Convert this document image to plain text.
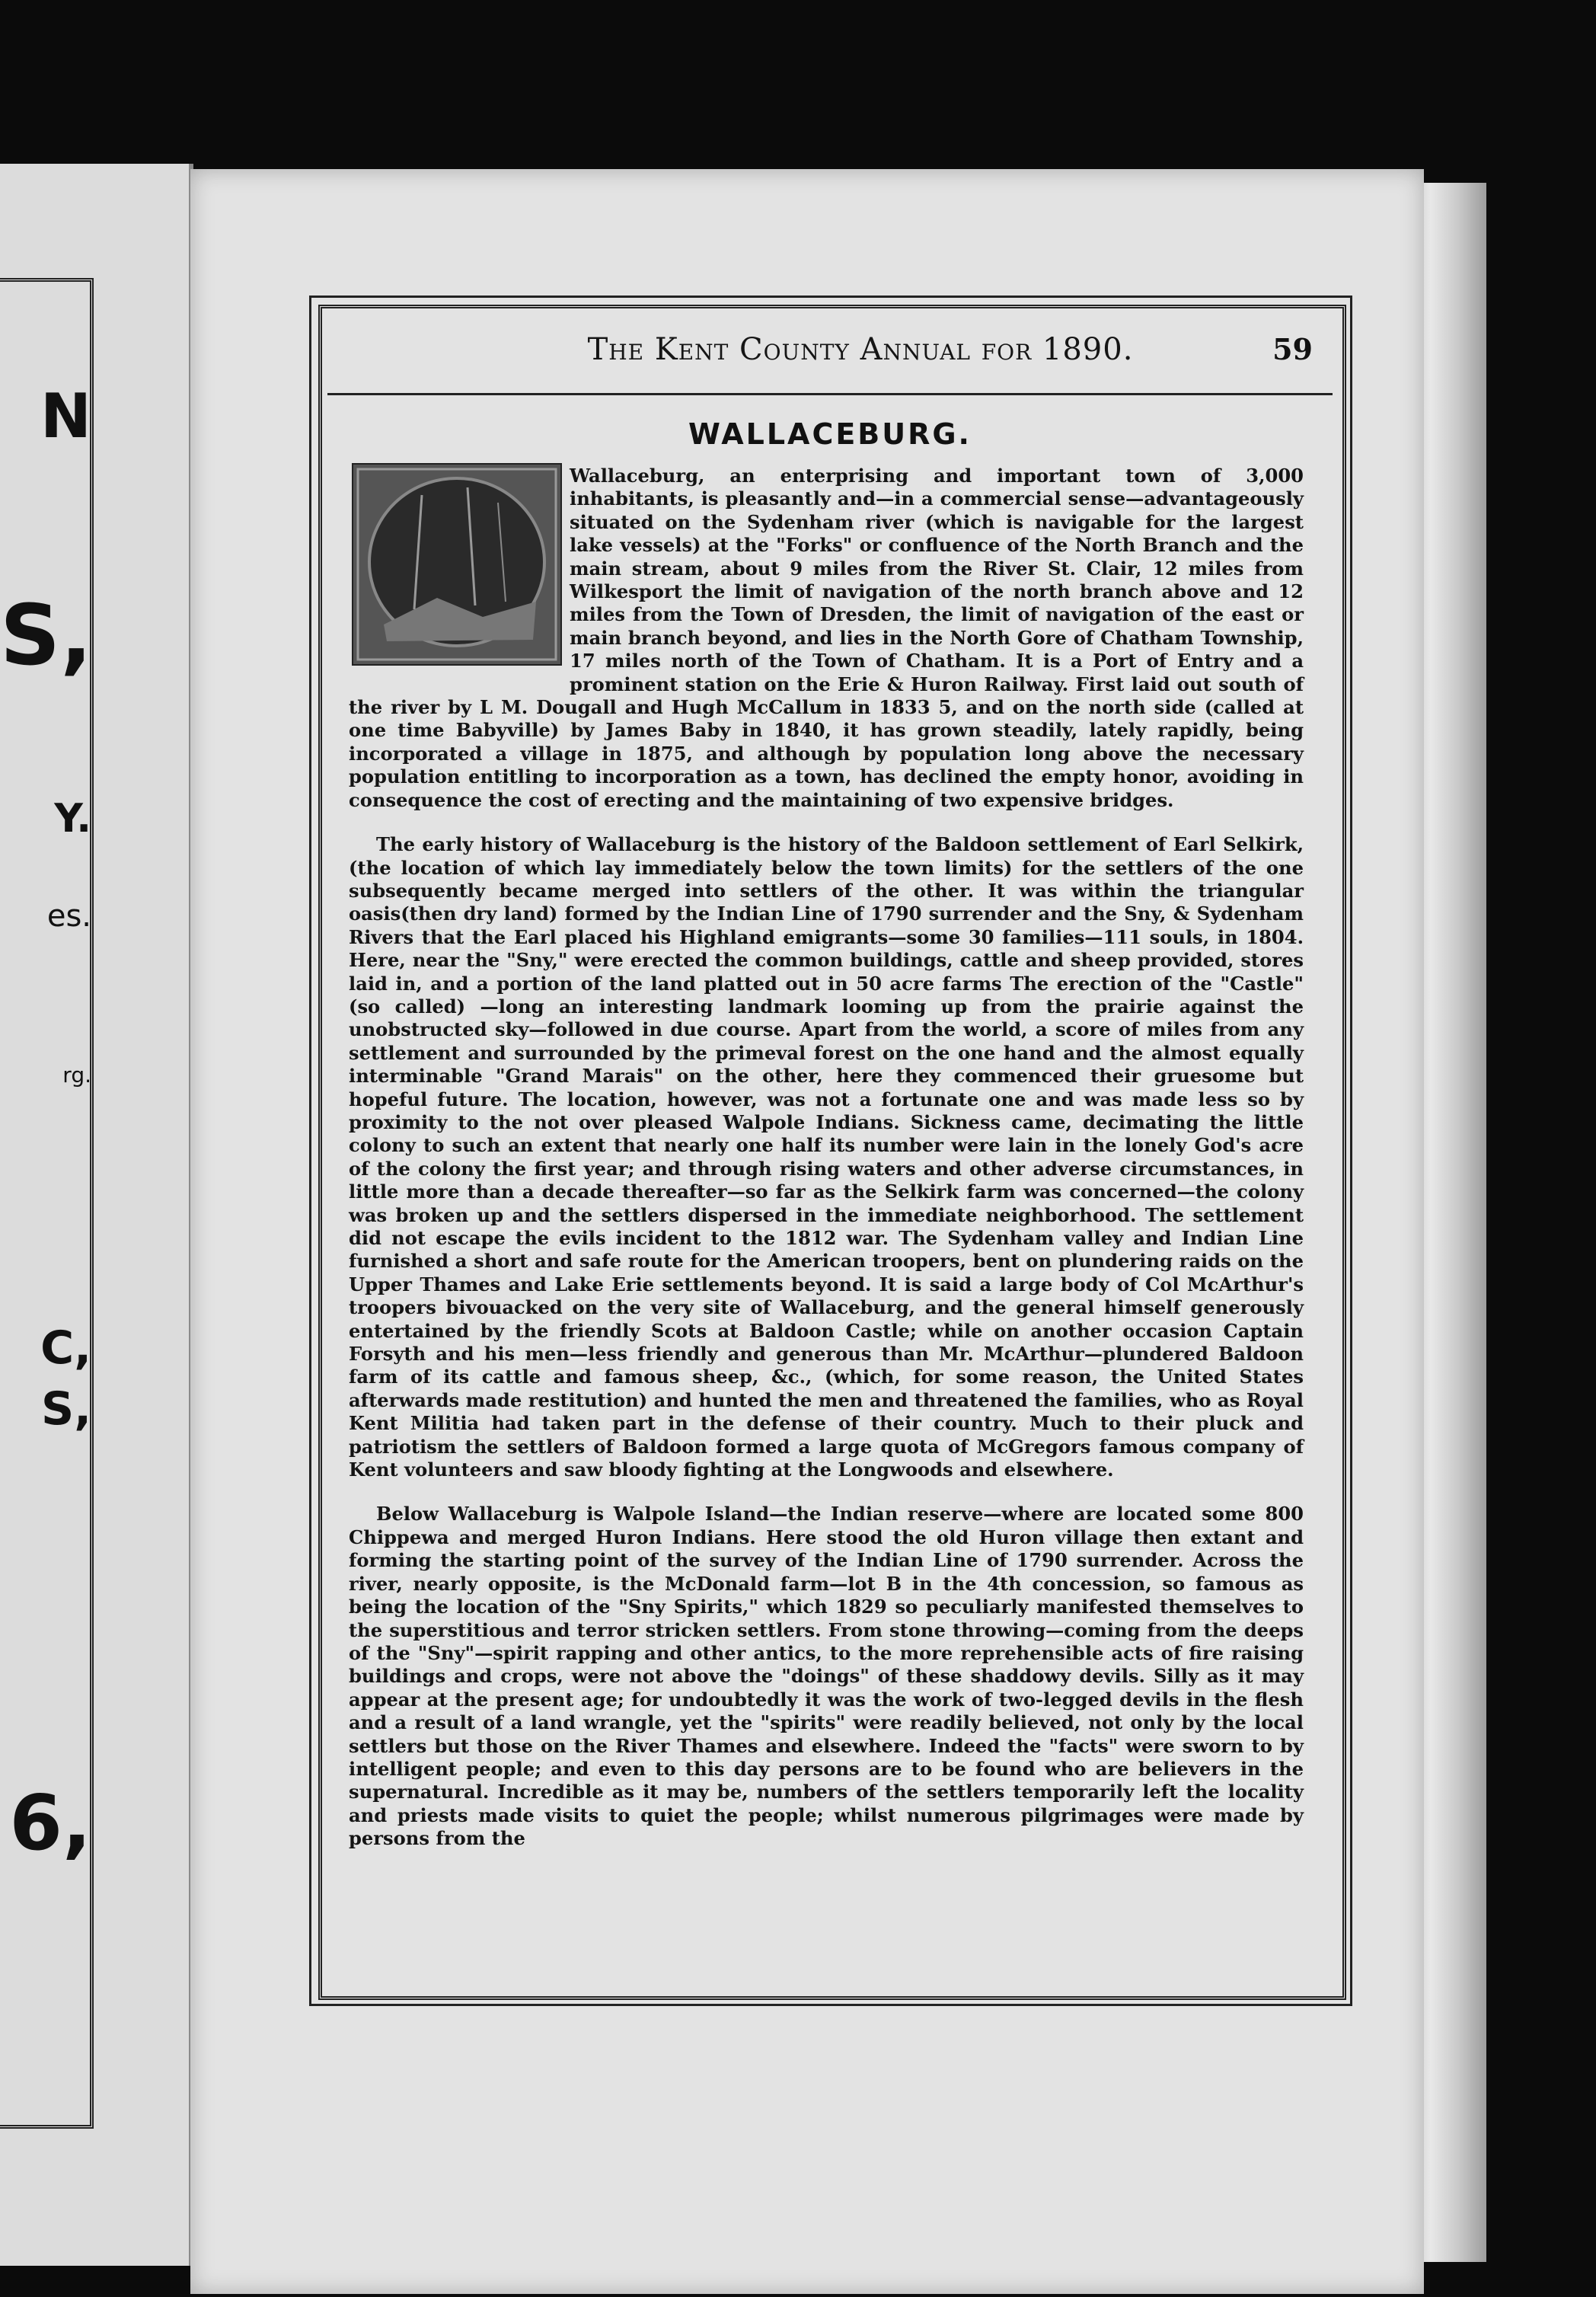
N
S,
Y.
es.
rg.
C,
S,
6,
The Kent County Annual for 1890.	59
WALLACEBURG.

Wallaceburg, an enterprising and important town of 3,000 inhabitants, is pleasantly and—in a commercial sense—advantageously situated on the Sydenham river (which is navigable for the largest lake vessels) at the "Forks" or confluence of the North Branch and the main stream, about 9 miles from the River St. Clair, 12 miles from Wilkesport the limit of navigation of the north branch above and 12 miles from the Town of Dresden, the limit of navigation of the east or main branch beyond, and lies in the North Gore of Chatham Township, 17 miles north of the Town of Chatham. It is a Port of Entry and a prominent station on the Erie & Huron Railway. First laid out south of the river by L M. Dougall and Hugh McCallum in 1833 5, and on the north side (called at one time Babyville) by James Baby in 1840, it has grown steadily, lately rapidly, being incorporated a village in 1875, and although by population long above the necessary population entitling to incorporation as a town, has declined the empty honor, avoiding in consequence the cost of erecting and the maintaining of two expensive bridges.

The early history of Wallaceburg is the history of the Baldoon settlement of Earl Selkirk, (the location of which lay immediately below the town limits) for the settlers of the one subsequently became merged into settlers of the other. It was within the triangular oasis(then dry land) formed by the Indian Line of 1790 surrender and the Sny, & Sydenham Rivers that the Earl placed his Highland emigrants—some 30 families—111 souls, in 1804. Here, near the "Sny," were erected the common buildings, cattle and sheep provided, stores laid in, and a portion of the land platted out in 50 acre farms The erection of the "Castle" (so called) —long an interesting landmark looming up from the prairie against the unobstructed sky—followed in due course. Apart from the world, a score of miles from any settlement and surrounded by the primeval forest on the one hand and the almost equally interminable "Grand Marais" on the other, here they commenced their gruesome but hopeful future. The location, however, was not a fortunate one and was made less so by proximity to the not over pleased Walpole Indians. Sickness came, decimating the little colony to such an extent that nearly one half its number were lain in the lonely God's acre of the colony the first year; and through rising waters and other adverse circumstances, in little more than a decade thereafter—so far as the Selkirk farm was concerned—the colony was broken up and the settlers dispersed in the immediate neighborhood. The settlement did not escape the evils incident to the 1812 war. The Sydenham valley and Indian Line furnished a short and safe route for the American troopers, bent on plundering raids on the Upper Thames and Lake Erie settlements beyond. It is said a large body of Col McArthur's troopers bivouacked on the very site of Wallaceburg, and the general himself generously entertained by the friendly Scots at Baldoon Castle; while on another occasion Captain Forsyth and his men—less friendly and generous than Mr. McArthur—plundered Baldoon farm of its cattle and famous sheep, &c., (which, for some reason, the United States afterwards made restitution) and hunted the men and threatened the families, who as Royal Kent Militia had taken part in the defense of their country. Much to their pluck and patriotism the settlers of Baldoon formed a large quota of McGregors famous company of Kent volunteers and saw bloody fighting at the Longwoods and elsewhere.

Below Wallaceburg is Walpole Island—the Indian reserve—where are located some 800 Chippewa and merged Huron Indians. Here stood the old Huron village then extant and forming the starting point of the survey of the Indian Line of 1790 surrender. Across the river, nearly opposite, is the McDonald farm—lot B in the 4th concession, so famous as being the location of the "Sny Spirits," which 1829 so peculiarly manifested themselves to the superstitious and terror stricken settlers. From stone throwing—coming from the deeps of the "Sny"—spirit rapping and other antics, to the more reprehensible acts of fire raising buildings and crops, were not above the "doings" of these shaddowy devils. Silly as it may appear at the present age; for undoubtedly it was the work of two-legged devils in the flesh and a result of a land wrangle, yet the "spirits" were readily believed, not only by the local settlers but those on the River Thames and elsewhere. Indeed the "facts" were sworn to by intelligent people; and even to this day persons are to be found who are believers in the supernatural. Incredible as it may be, numbers of the settlers temporarily left the locality and priests made visits to quiet the people; whilst numerous pilgrimages were made by persons from the
